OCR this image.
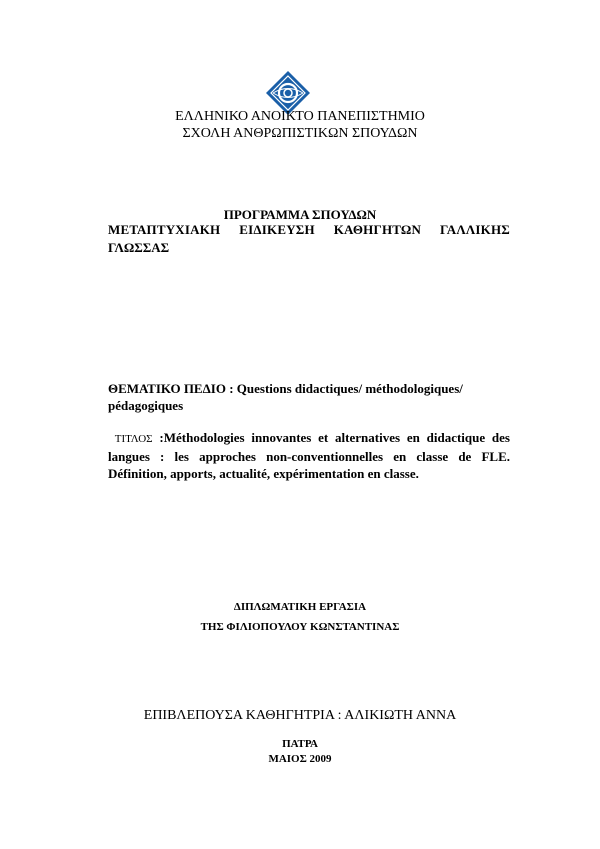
ΕΛΛΗΝΙΚΟ ΑΝΟΙΚΤΟ ΠΑΝΕΠΙΣΤΗΜΙΟ
ΣΧΟΛΗ ΑΝΘΡΩΠΙΣΤΙΚΩΝ ΣΠΟΥΔΩΝ
ΠΡΟΓΡΑΜΜΑ ΣΠΟΥΔΩΝ
ΜΕΤΑΠΤΥΧΙΑΚΗ ΕΙΔΙΚΕΥΣΗ ΚΑΘΗΓΗΤΩΝ ΓΑΛΛΙΚΗΣ
ΓΛΩΣΣΑΣ
ΘΕΜΑΤΙΚΟ ΠΕΔΙΟ : Questions didactiques/ méthodologiques/ pédagogiques
ΤΙΤΛΟΣ :Méthodologies innovantes et alternatives en didactique des langues : les approches non-conventionnelles en classe de FLE. Définition, apports, actualité, expérimentation en classe.
ΔΙΠΛΩΜΑΤΙΚΗ ΕΡΓΑΣΙΑ
ΤΗΣ ΦΙΛΙΟΠΟΥΛΟΥ ΚΩΝΣΤΑΝΤΙΝΑΣ
ΕΠΙΒΛΕΠΟΥΣΑ ΚΑΘΗΓΗΤΡΙΑ : ΑΛΙΚΙΩΤΗ ΑΝΝΑ
ΠΑΤΡΑ
ΜΑΙΟΣ 2009
